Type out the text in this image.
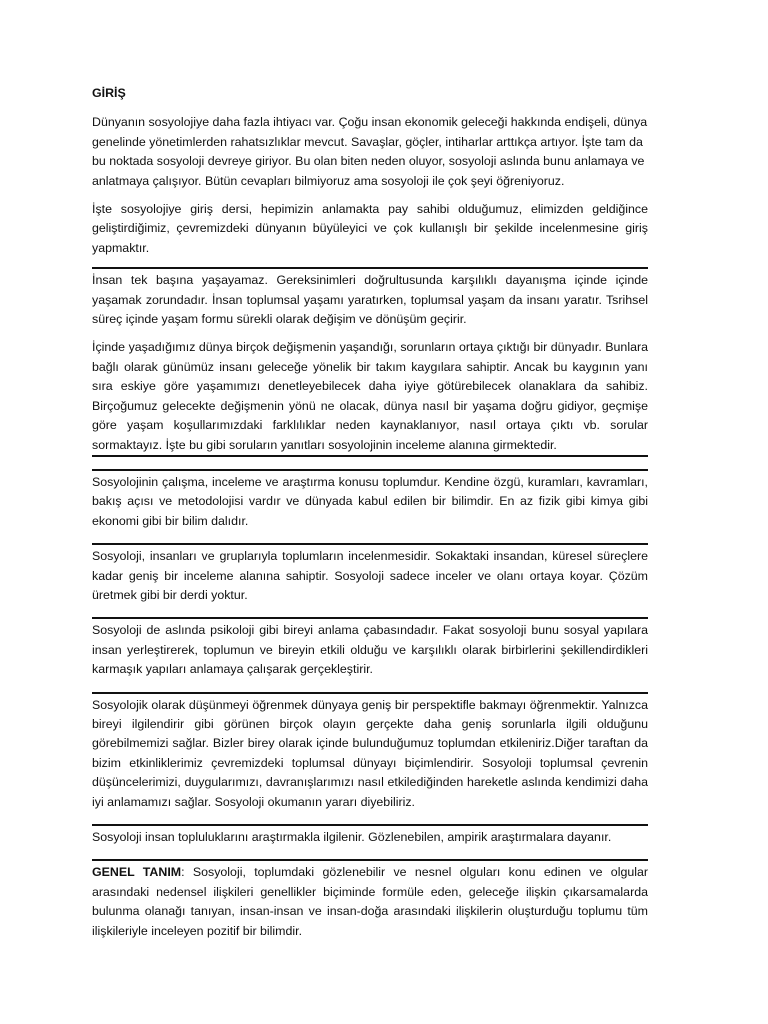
GİRİŞ

Dünyanın sosyolojiye daha fazla ihtiyacı var. Çoğu insan ekonomik geleceği hakkında endişeli, dünya genelinde yönetimlerden rahatsızlıklar mevcut. Savaşlar, göçler, intiharlar arttıkça artıyor. İşte tam da bu noktada sosyoloji devreye giriyor. Bu olan biten neden oluyor, sosyoloji aslında bunu anlamaya ve anlatmaya çalışıyor. Bütün cevapları bilmiyoruz ama sosyoloji ile çok şeyi öğreniyoruz.

İşte sosyolojiye giriş dersi, hepimizin anlamakta pay sahibi olduğumuz, elimizden geldiğince geliştirdiğimiz, çevremizdeki dünyanın büyüleyici ve çok kullanışlı bir şekilde incelenmesine giriş yapmaktır.

İnsan tek başına yaşayamaz. Gereksinimleri doğrultusunda karşılıklı dayanışma içinde içinde yaşamak zorundadır. İnsan toplumsal yaşamı yaratırken, toplumsal yaşam da insanı yaratır. Tsrihsel süreç içinde yaşam formu sürekli olarak değişim ve dönüşüm geçirir.

İçinde yaşadığımız dünya birçok değişmenin yaşandığı, sorunların ortaya çıktığı bir dünyadır. Bunlara bağlı olarak günümüz insanı geleceğe yönelik bir takım kaygılara sahiptir. Ancak bu kaygının yanı sıra eskiye göre yaşamımızı denetleyebilecek daha iyiye götürebilecek olanaklara da sahibiz. Birçoğumuz gelecekte değişmenin yönü ne olacak, dünya nasıl bir yaşama doğru gidiyor, geçmişe göre yaşam koşullarımızdaki farklılıklar neden kaynaklanıyor, nasıl ortaya çıktı vb. sorular sormaktayız. İşte bu gibi soruların yanıtları sosyolojinin inceleme alanına girmektedir.

Sosyolojinin çalışma, inceleme ve araştırma konusu toplumdur. Kendine özgü, kuramları, kavramları, bakış açısı ve metodolojisi vardır ve dünyada kabul edilen bir bilimdir. En az fizik gibi kimya gibi ekonomi gibi bir bilim dalıdır.

Sosyoloji, insanları ve gruplarıyla toplumların incelenmesidir. Sokaktaki insandan, küresel süreçlere kadar geniş bir inceleme alanına sahiptir. Sosyoloji sadece inceler ve olanı ortaya koyar. Çözüm üretmek gibi bir derdi yoktur.

Sosyoloji de aslında psikoloji gibi bireyi anlama çabasındadır. Fakat sosyoloji bunu sosyal yapılara insan yerleştirerek, toplumun ve bireyin etkili olduğu ve karşılıklı olarak birbirlerini şekillendirdikleri karmaşık yapıları anlamaya çalışarak gerçekleştirir.

Sosyolojik olarak düşünmeyi öğrenmek dünyaya geniş bir perspektifle bakmayı öğrenmektir. Yalnızca bireyi ilgilendirir gibi görünen birçok olayın gerçekte daha geniş sorunlarla ilgili olduğunu görebilmemizi sağlar. Bizler birey olarak içinde bulunduğumuz toplumdan etkileniriz.Diğer taraftan da bizim etkinliklerimiz çevremizdeki toplumsal dünyayı biçimlendirir. Sosyoloji toplumsal çevrenin düşüncelerimizi, duygularımızı, davranışlarımızı nasıl etkilediğinden hareketle aslında kendimizi daha iyi anlamamızı sağlar. Sosyoloji okumanın yararı diyebiliriz.

Sosyoloji insan topluluklarını araştırmakla ilgilenir. Gözlenebilen, ampirik araştırmalara dayanır.

GENEL TANIM: Sosyoloji, toplumdaki gözlenebilir ve nesnel olguları konu edinen ve olgular arasındaki nedensel ilişkileri genellikler biçiminde formüle eden, geleceğe ilişkin çıkarsamalarda bulunma olanağı tanıyan, insan-insan ve insan-doğa arasındaki ilişkilerin oluşturduğu toplumu tüm ilişkileriyle inceleyen pozitif bir bilimdir.
